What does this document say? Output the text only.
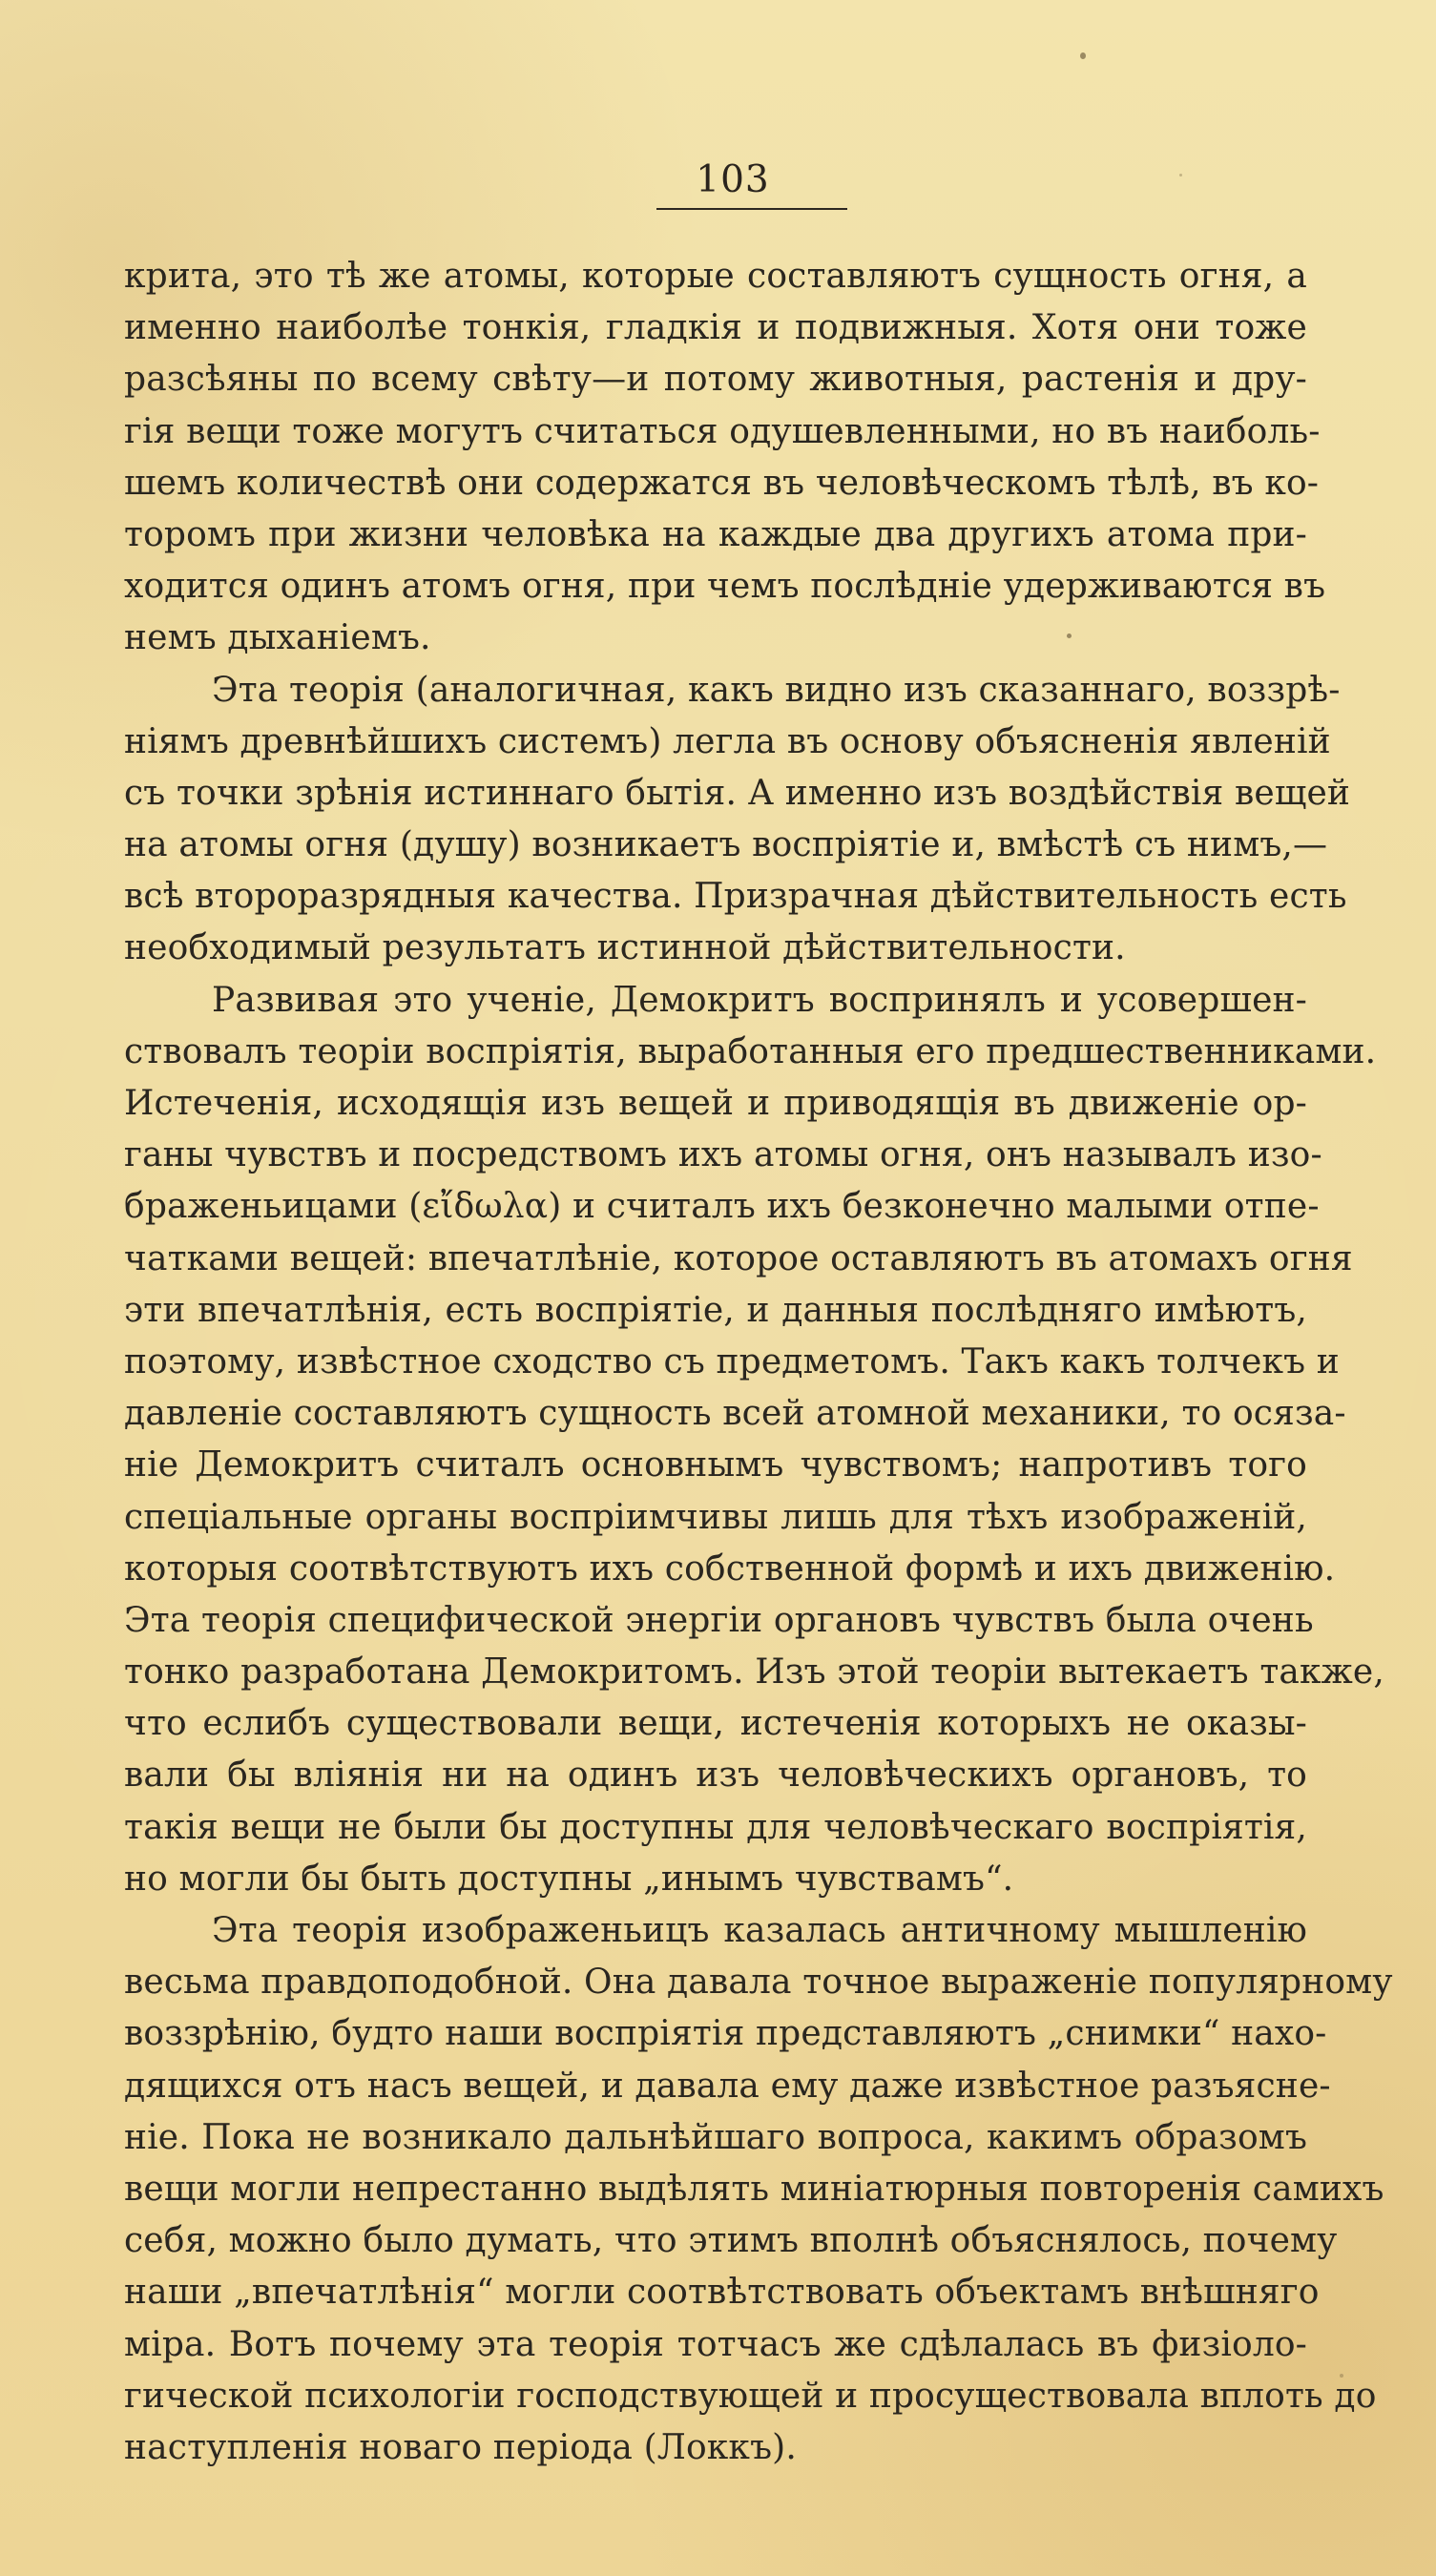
103
крита, это тѣ же атомы, которые составляютъ сущность огня, а
именно наиболѣе тонкія, гладкія и подвижныя. Хотя они тоже
разсѣяны по всему свѣту—и потому животныя, растенія и дру-
гія вещи тоже могутъ считаться одушевленными, но въ наиболь-
шемъ количествѣ они содержатся въ человѣческомъ тѣлѣ, въ ко-
торомъ при жизни человѣка на каждые два другихъ атома при-
ходится одинъ атомъ огня, при чемъ послѣдніе удерживаются въ
немъ дыханіемъ.
Эта теорія (аналогичная, какъ видно изъ сказаннаго, воззрѣ-
ніямъ древнѣйшихъ системъ) легла въ основу объясненія явленій
съ точки зрѣнія истиннаго бытія. А именно изъ воздѣйствія вещей
на атомы огня (душу) возникаетъ воспріятіе и, вмѣстѣ съ нимъ,—
всѣ второразрядныя качества. Призрачная дѣйствительность есть
необходимый результатъ истинной дѣйствительности.
Развивая это ученіе, Демокритъ воспринялъ и усовершен-
ствовалъ теоріи воспріятія, выработанныя его предшественниками.
Истеченія, исходящія изъ вещей и приводящія въ движеніе ор-
ганы чувствъ и посредствомъ ихъ атомы огня, онъ называлъ изо-
браженьицами (εἴδωλα) и считалъ ихъ безконечно малыми отпе-
чатками вещей: впечатлѣніе, которое оставляютъ въ атомахъ огня
эти впечатлѣнія, есть воспріятіе, и данныя послѣдняго имѣютъ,
поэтому, извѣстное сходство съ предметомъ. Такъ какъ толчекъ и
давленіе составляютъ сущность всей атомной механики, то осяза-
ніе Демокритъ считалъ основнымъ чувствомъ; напротивъ того
спеціальные органы воспріимчивы лишь для тѣхъ изображеній,
которыя соотвѣтствуютъ ихъ собственной формѣ и ихъ движенію.
Эта теорія специфической энергіи органовъ чувствъ была очень
тонко разработана Демокритомъ. Изъ этой теоріи вытекаетъ также,
что еслибъ существовали вещи, истеченія которыхъ не оказы-
вали бы вліянія ни на одинъ изъ человѣческихъ органовъ, то
такія вещи не были бы доступны для человѣческаго воспріятія,
но могли бы быть доступны „инымъ чувствамъ“.
Эта теорія изображеньицъ казалась античному мышленію
весьма правдоподобной. Она давала точное выраженіе популярному
воззрѣнію, будто наши воспріятія представляютъ „снимки“ нахо-
дящихся отъ насъ вещей, и давала ему даже извѣстное разъясне-
ніе. Пока не возникало дальнѣйшаго вопроса, какимъ образомъ
вещи могли непрестанно выдѣлять миніатюрныя повторенія самихъ
себя, можно было думать, что этимъ вполнѣ объяснялось, почему
наши „впечатлѣнія“ могли соотвѣтствовать объектамъ внѣшняго
міра. Вотъ почему эта теорія тотчасъ же сдѣлалась въ физіоло-
гической психологіи господствующей и просуществовала вплоть до
наступленія новаго періода (Локкъ).
